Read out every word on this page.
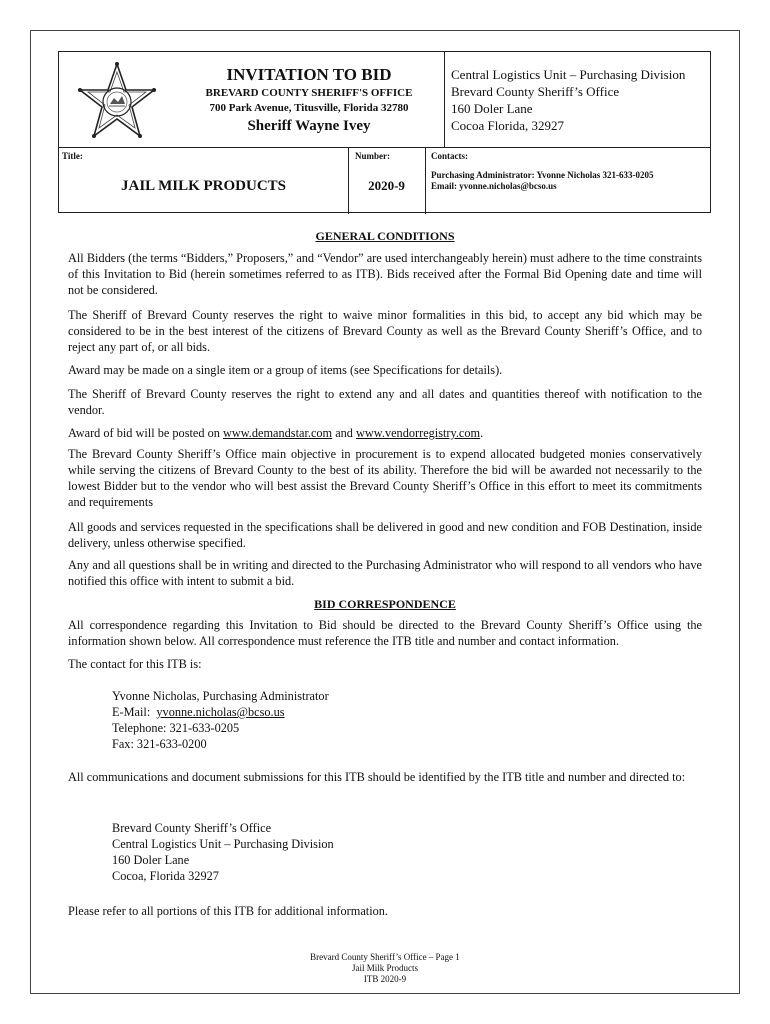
INVITATION TO BID
BREVARD COUNTY SHERIFF'S OFFICE
700 Park Avenue, Titusville, Florida 32780
Sheriff Wayne Ivey
Central Logistics Unit – Purchasing Division
Brevard County Sheriff’s Office
160 Doler Lane
Cocoa Florida, 32927
Title:
JAIL MILK PRODUCTS
Number:
2020-9
Contacts:
Purchasing Administrator: Yvonne Nicholas 321-633-0205
Email: yvonne.nicholas@bcso.us
GENERAL CONDITIONS

All Bidders (the terms “Bidders,” Proposers,” and “Vendor” are used interchangeably herein) must adhere to the time constraints of this Invitation to Bid (herein sometimes referred to as ITB). Bids received after the Formal Bid Opening date and time will not be considered.

The Sheriff of Brevard County reserves the right to waive minor formalities in this bid, to accept any bid which may be considered to be in the best interest of the citizens of Brevard County as well as the Brevard County Sheriff’s Office, and to reject any part of, or all bids.

Award may be made on a single item or a group of items (see Specifications for details).

The Sheriff of Brevard County reserves the right to extend any and all dates and quantities thereof with notification to the vendor.

Award of bid will be posted on www.demandstar.com and www.vendorregistry.com.

The Brevard County Sheriff’s Office main objective in procurement is to expend allocated budgeted monies conservatively while serving the citizens of Brevard County to the best of its ability. Therefore the bid will be awarded not necessarily to the lowest Bidder but to the vendor who will best assist the Brevard County Sheriff’s Office in this effort to meet its commitments and requirements

All goods and services requested in the specifications shall be delivered in good and new condition and FOB Destination, inside delivery, unless otherwise specified.

Any and all questions shall be in writing and directed to the Purchasing Administrator who will respond to all vendors who have notified this office with intent to submit a bid.

BID CORRESPONDENCE

All correspondence regarding this Invitation to Bid should be directed to the Brevard County Sheriff’s Office using the information shown below. All correspondence must reference the ITB title and number and contact information.

The contact for this ITB is:

Yvonne Nicholas, Purchasing Administrator
E-Mail:  yvonne.nicholas@bcso.us
Telephone: 321-633-0205
Fax: 321-633-0200

All communications and document submissions for this ITB should be identified by the ITB title and number and directed to:

Brevard County Sheriff’s Office
Central Logistics Unit – Purchasing Division
160 Doler Lane
Cocoa, Florida 32927

Please refer to all portions of this ITB for additional information.

Brevard County Sheriff’s Office – Page 1
Jail Milk Products
ITB 2020-9
